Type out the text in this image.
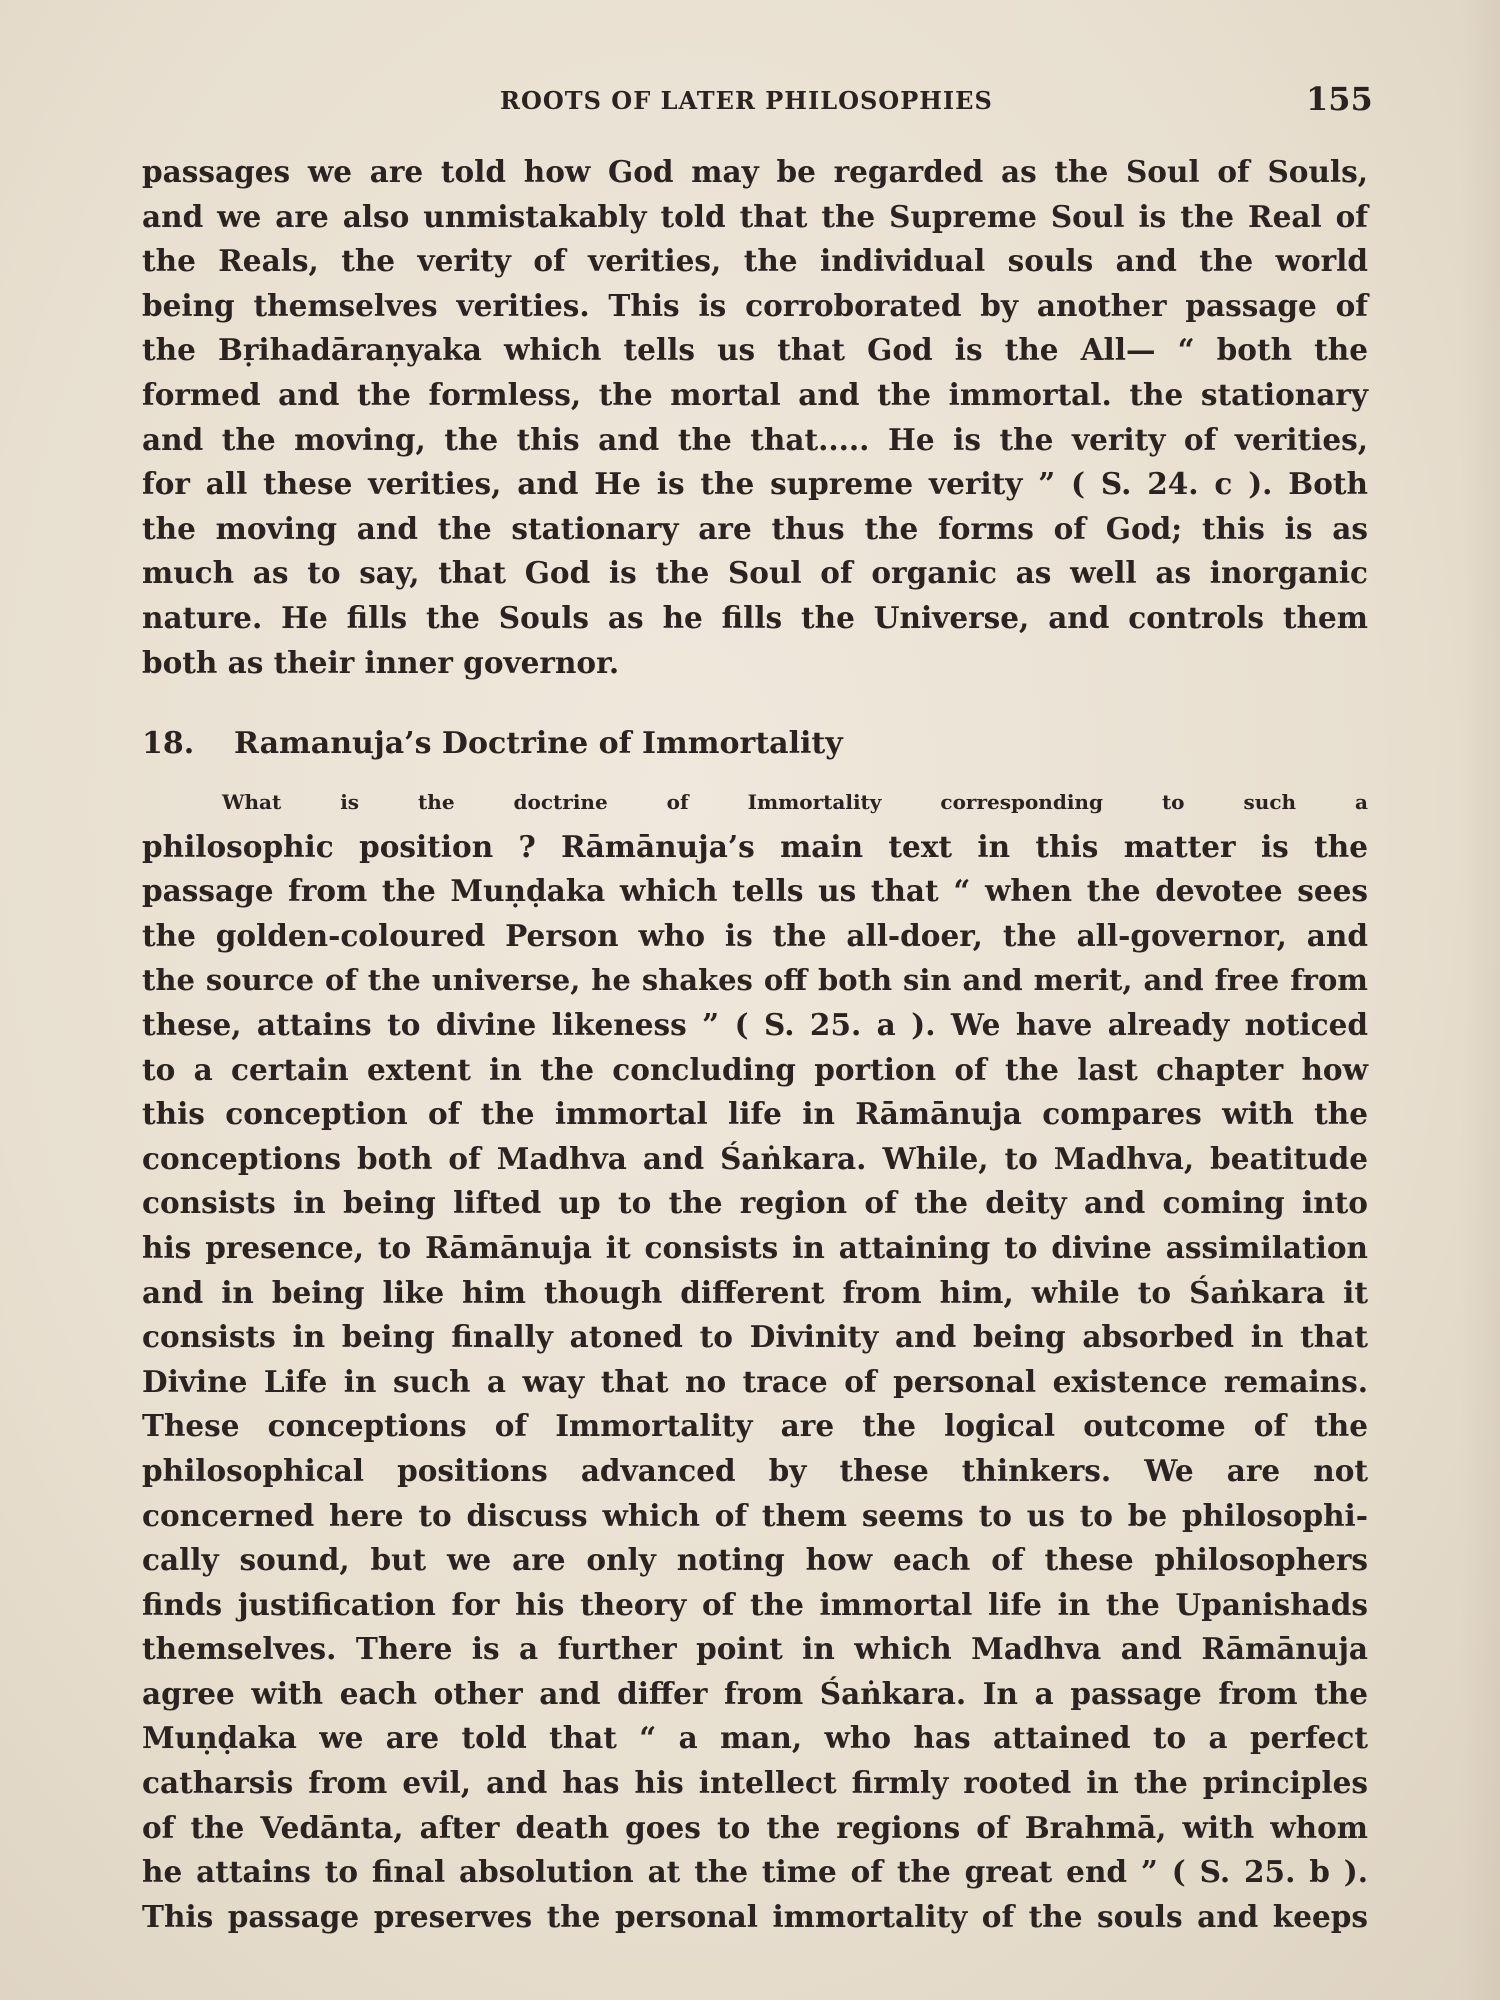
ROOTS OF LATER PHILOSOPHIES	155
passages we are told how God may be regarded as the Soul of Souls,
and we are also unmistakably told that the Supreme Soul is the Real of
the Reals, the verity of verities, the individual souls and the world
being themselves verities. This is corroborated by another passage of
the Bṛihadāraṇyaka which tells us that God is the All— “ both the
formed and the formless, the mortal and the immortal. the stationary
and the moving, the this and the that..... He is the verity of verities,
for all these verities, and He is the supreme verity ” ( S. 24. c ). Both
the moving and the stationary are thus the forms of God; this is as
much as to say, that God is the Soul of organic as well as inorganic
nature. He fills the Souls as he fills the Universe, and controls them
both as their inner governor.
18. Ramanuja’s Doctrine of Immortality
What is the doctrine of Immortality corresponding to such a
philosophic position ? Rāmānuja’s main text in this matter is the
passage from the Muṇḍaka which tells us that “ when the devotee sees
the golden-coloured Person who is the all-doer, the all-governor, and
the source of the universe, he shakes off both sin and merit, and free from
these, attains to divine likeness ” ( S. 25. a ). We have already noticed
to a certain extent in the concluding portion of the last chapter how
this conception of the immortal life in Rāmānuja compares with the
conceptions both of Madhva and Śaṅkara. While, to Madhva, beatitude
consists in being lifted up to the region of the deity and coming into
his presence, to Rāmānuja it consists in attaining to divine assimilation
and in being like him though different from him, while to Śaṅkara it
consists in being finally atoned to Divinity and being absorbed in that
Divine Life in such a way that no trace of personal existence remains.
These conceptions of Immortality are the logical outcome of the
philosophical positions advanced by these thinkers. We are not
concerned here to discuss which of them seems to us to be philosophi-
cally sound, but we are only noting how each of these philosophers
finds justification for his theory of the immortal life in the Upanishads
themselves. There is a further point in which Madhva and Rāmānuja
agree with each other and differ from Śaṅkara. In a passage from the
Muṇḍaka we are told that “ a man, who has attained to a perfect
catharsis from evil, and has his intellect firmly rooted in the principles
of the Vedānta, after death goes to the regions of Brahmā, with whom
he attains to final absolution at the time of the great end ” ( S. 25. b ).
This passage preserves the personal immortality of the souls and keeps
